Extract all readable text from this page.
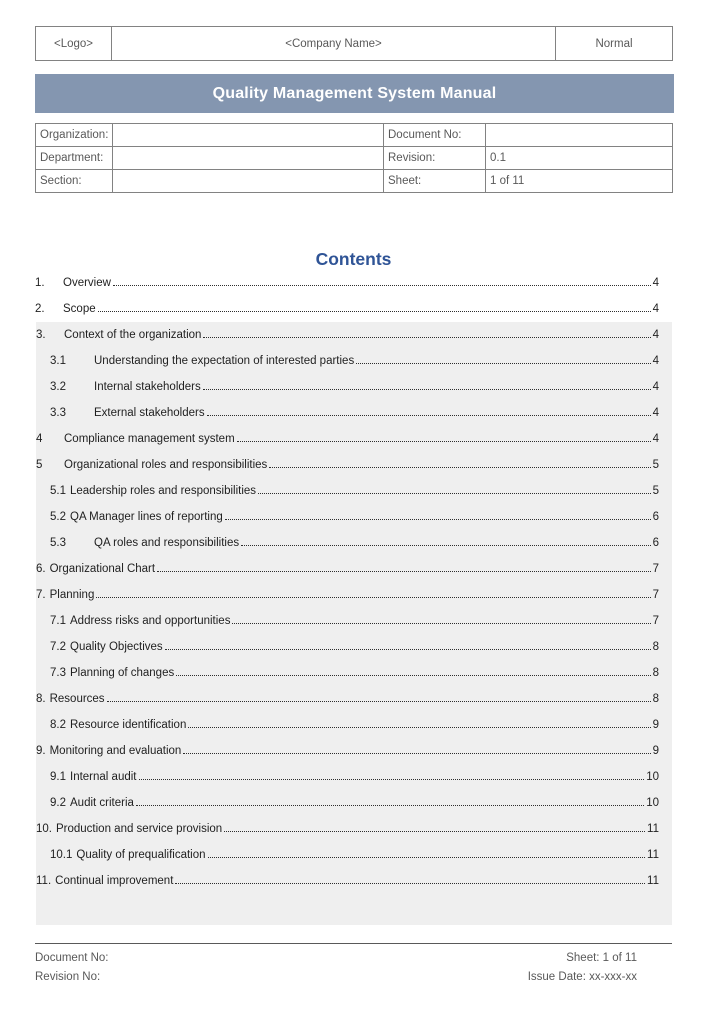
<Logo>	<Company Name>	Normal
Quality Management System Manual
Organization:		Document No:	
Department:		Revision:	0.1
Section:		Sheet:	1 of 11
Contents
1.	Overview	4
2.	Scope	4
3.	Context of the organization	4
3.1	Understanding the expectation of interested parties	4
3.2	Internal stakeholders	4
3.3	External stakeholders	4
4	Compliance management system	4
5	Organizational roles and responsibilities	5
5.1 Leadership roles and responsibilities	5
5.2 QA Manager lines of reporting	6
5.3	QA roles and responsibilities	6
6. Organizational Chart	7
7. Planning	7
7.1 Address risks and opportunities	7
7.2 Quality Objectives	8
7.3 Planning of changes	8
8. Resources	8
8.2 Resource identification	9
9. Monitoring and evaluation	9
9.1 Internal audit	10
9.2 Audit criteria	10
10. Production and service provision	11
10.1 Quality of prequalification	11
11. Continual improvement	11
Document No:
Revision No:
Sheet: 1 of 11
Issue Date: xx-xxx-xx
